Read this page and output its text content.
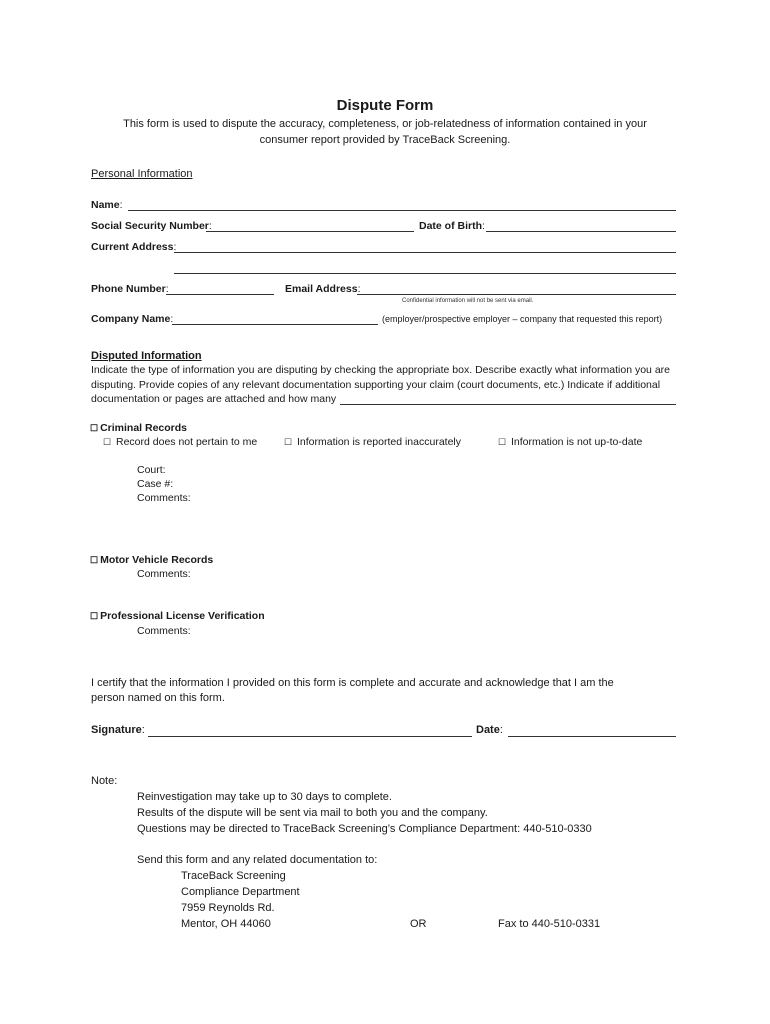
Dispute Form
This form is used to dispute the accuracy, completeness, or job-relatedness of information contained in your
consumer report provided by TraceBack Screening.
Personal Information
Name:
Social Security Number:	Date of Birth:
Current Address:
Phone Number:	Email Address:
Confidential information will not be sent via email.
Company Name:	(employer/prospective employer – company that requested this report)
Disputed Information
Indicate the type of information you are disputing by checking the appropriate box. Describe exactly what information you are
disputing. Provide copies of any relevant documentation supporting your claim (court documents, etc.) Indicate if additional
documentation or pages are attached and how many
☐ Criminal Records
☐ Record does not pertain to me	☐ Information is reported inaccurately	☐ Information is not up-to-date
Court:
Case #:
Comments:
☐ Motor Vehicle Records
Comments:
☐ Professional License Verification
Comments:
I certify that the information I provided on this form is complete and accurate and acknowledge that I am the
person named on this form.
Signature:	Date:
Note:
Reinvestigation may take up to 30 days to complete.
Results of the dispute will be sent via mail to both you and the company.
Questions may be directed to TraceBack Screening’s Compliance Department: 440-510-0330
Send this form and any related documentation to:
TraceBack Screening
Compliance Department
7959 Reynolds Rd.
Mentor, OH 44060	OR	Fax to 440-510-0331
